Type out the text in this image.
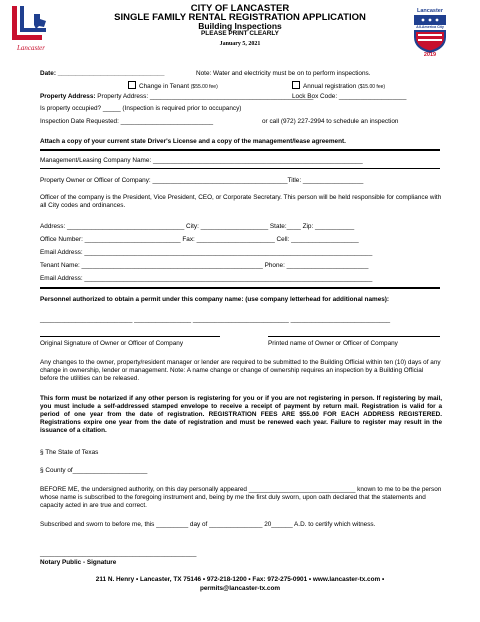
Lancaster
CITY OF LANCASTER
SINGLE FAMILY RENTAL REGISTRATION APPLICATION
Building Inspections
PLEASE PRINT CLEARLY
January 5, 2021
Lancaster
All-America City
2019
Date: ______________________________	Note: Water and electricity must be on to perform inspections.
Change in Tenant ($55.00 fee)	Annual registration ($15.00 fee)
Property Address: Property Address: ______________________________________________
Lock Box Code: ___________________
Is property occupied? _____ (Inspection is required prior to occupancy)
Inspection Date Requested: __________________________	or call (972) 227-2994 to schedule an inspection
Attach a copy of your current state Driver's License and a copy of the management/lease agreement.
Management/Leasing Company Name: ___________________________________________________________
Property Owner or Officer of Company: ______________________________________Title: _________________
Officer of the company is the President, Vice President, CEO, or Corporate Secretary. This person will be held responsible for compliance with all City codes and ordinances.
Address: _________________________________ City: ___________________ State:____ Zip: ___________
Office Number: ___________________________ Fax: ______________________ Cell: ___________________
Email Address: _________________________________________________________________________________
Tenant Name: ___________________________________________________ Phone: _______________________
Email Address: _________________________________________________________________________________
Personnel authorized to obtain a permit under this company name: (use company letterhead for additional names):
__________________________ ________________ ___________________________ ____________________________
Original Signature of Owner or Officer of Company	Printed name of Owner or Officer of Company
Any changes to the owner, property/resident manager or lender are required to be submitted to the Building Official within ten (10) days of any change in ownership, lender or management. Note: A name change or change of ownership requires an inspection by a Building Official before the utilities can be released.
This form must be notarized if any other person is registering for you or if you are not registering in person. If registering by mail, you must include a self-addressed stamped envelope to receive a receipt of payment by return mail. Registration is valid for a period of one year from the date of registration. REGISTRATION FEES ARE $55.00 FOR EACH ADDRESS REGISTERED. Registrations expire one year from the date of registration and must be renewed each year. Failure to register may result in the issuance of a citation.
§ The State of Texas
§ County of_____________________
BEFORE ME, the undersigned authority, on this day personally appeared ______________________________ known to me to be the person whose name is subscribed to the foregoing instrument and, being by me the first duly sworn, upon oath declared that the statements and capacity acted in are true and correct.
Subscribed and sworn to before me, this _________ day of _______________ 20______ A.D. to certify which witness.
____________________________________________
Notary Public - Signature
211 N. Henry • Lancaster, TX 75146 • 972-218-1200 • Fax: 972-275-0901 • www.lancaster-tx.com •
permits@lancaster-tx.com
